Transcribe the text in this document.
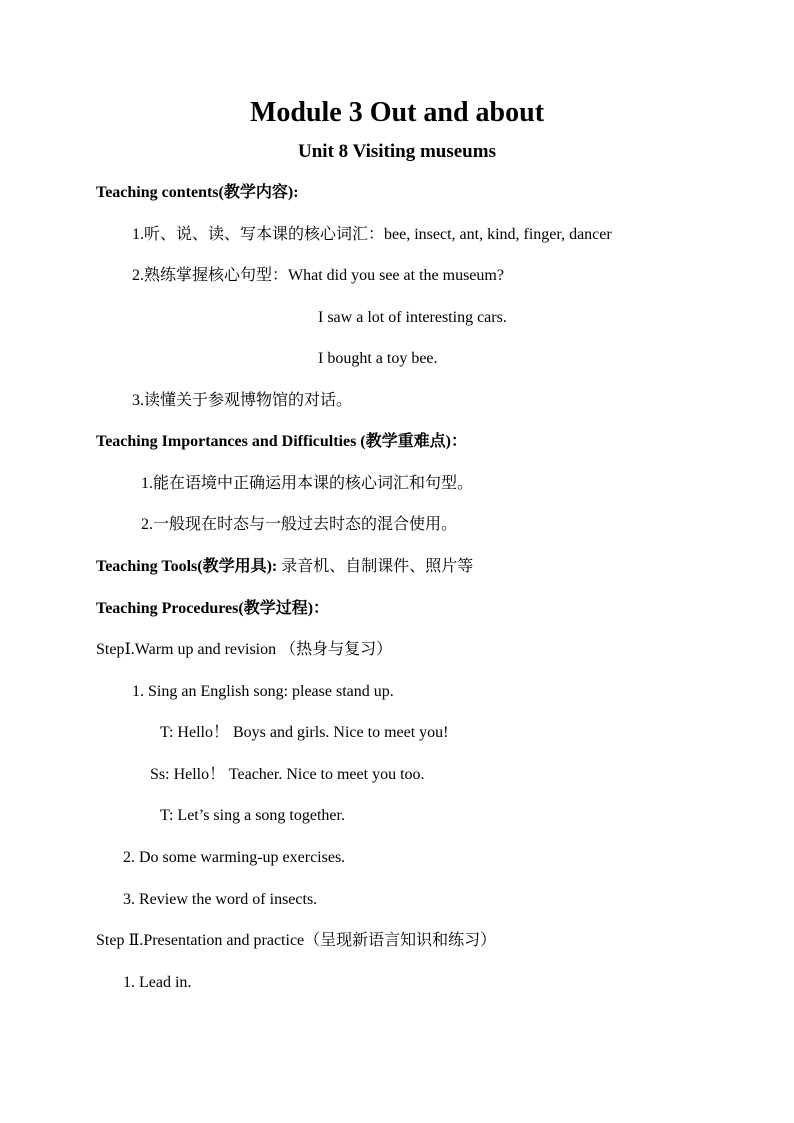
Module 3 Out and about
Unit 8 Visiting museums
Teaching contents(教学内容):
1.听、说、读、写本课的核心词汇：bee, insect, ant, kind, finger, dancer
2.熟练掌握核心句型：What did you see at the museum?
I saw a lot of interesting cars.
I bought a toy bee.
3.读懂关于参观博物馆的对话。
Teaching Importances and Difficulties (教学重难点)：
1.能在语境中正确运用本课的核心词汇和句型。
2.一般现在时态与一般过去时态的混合使用。
Teaching Tools(教学用具): 录音机、自制课件、照片等
Teaching Procedures(教学过程)：
StepⅠ.Warm up and revision （热身与复习）
1. Sing an English song: please stand up.
T: Hello！ Boys and girls. Nice to meet you!
Ss: Hello！ Teacher. Nice to meet you too.
T: Let’s sing a song together.
2. Do some warming-up exercises.
3. Review the word of insects.
Step Ⅱ.Presentation and practice（呈现新语言知识和练习）
1. Lead in.
